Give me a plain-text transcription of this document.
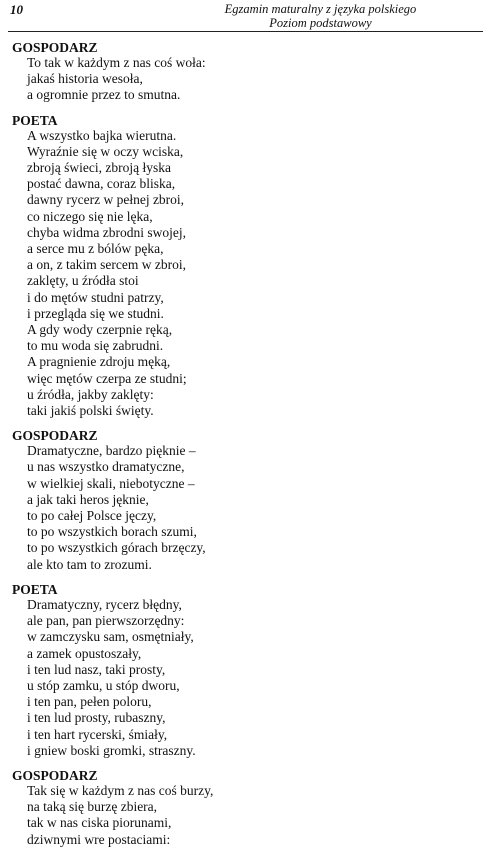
10	Egzamin maturalny z języka polskiego
Poziom podstawowy
GOSPODARZ
To tak w każdym z nas coś woła:
jakaś historia wesoła,
a ogromnie przez to smutna.
POETA
A wszystko bajka wierutna.
Wyraźnie się w oczy wciska,
zbroją świeci, zbroją łyska
postać dawna, coraz bliska,
dawny rycerz w pełnej zbroi,
co niczego się nie lęka,
chyba widma zbrodni swojej,
a serce mu z bólów pęka,
a on, z takim sercem w zbroi,
zaklęty, u źródła stoi
i do mętów studni patrzy,
i przegląda się we studni.
A gdy wody czerpnie ręką,
to mu woda się zabrudni.
A pragnienie zdroju męką,
więc mętów czerpa ze studni;
u źródła, jakby zaklęty:
taki jakiś polski święty.
GOSPODARZ
Dramatyczne, bardzo pięknie –
u nas wszystko dramatyczne,
w wielkiej skali, niebotyczne –
a jak taki heros jęknie,
to po całej Polsce jęczy,
to po wszystkich borach szumi,
to po wszystkich górach brzęczy,
ale kto tam to zrozumi.
POETA
Dramatyczny, rycerz błędny,
ale pan, pan pierwszorzędny:
w zamczysku sam, osmętniały,
a zamek opustoszały,
i ten lud nasz, taki prosty,
u stóp zamku, u stóp dworu,
i ten pan, pełen poloru,
i ten lud prosty, rubaszny,
i ten hart rycerski, śmiały,
i gniew boski gromki, straszny.
GOSPODARZ
Tak się w każdym z nas coś burzy,
na taką się burzę zbiera,
tak w nas ciska piorunami,
dziwnymi wre postaciami:
